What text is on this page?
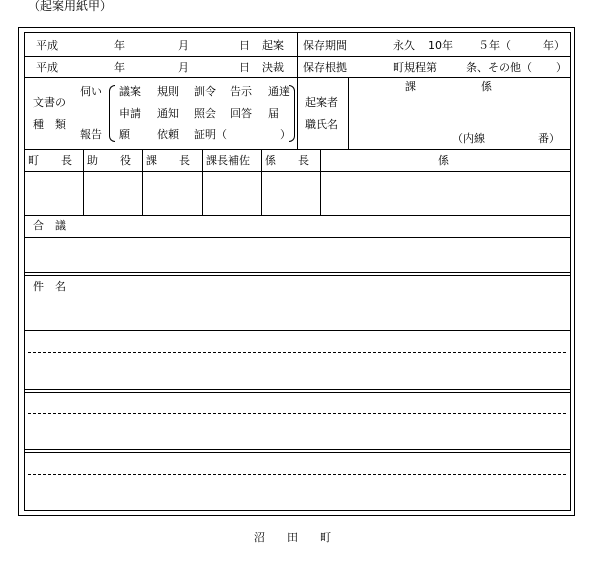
（起案用紙甲）
平成	年	月	日 起案 保存期間	永久 10年 ５年（	年）
平成	年	月	日 決裁 保存根拠	町規程第	条、その他（ ）
文書の
種　類
伺い
報告
議案 規則 訓令 告示 通達
申請 通知 照会 回答 届
願 依頼 証明（	）
起案者
職氏名
課	係
（内線	番）
町　　長	助　　役 課　　長 課長補佐 係　　長	係
合　議
件　名
沼　　田　　町
